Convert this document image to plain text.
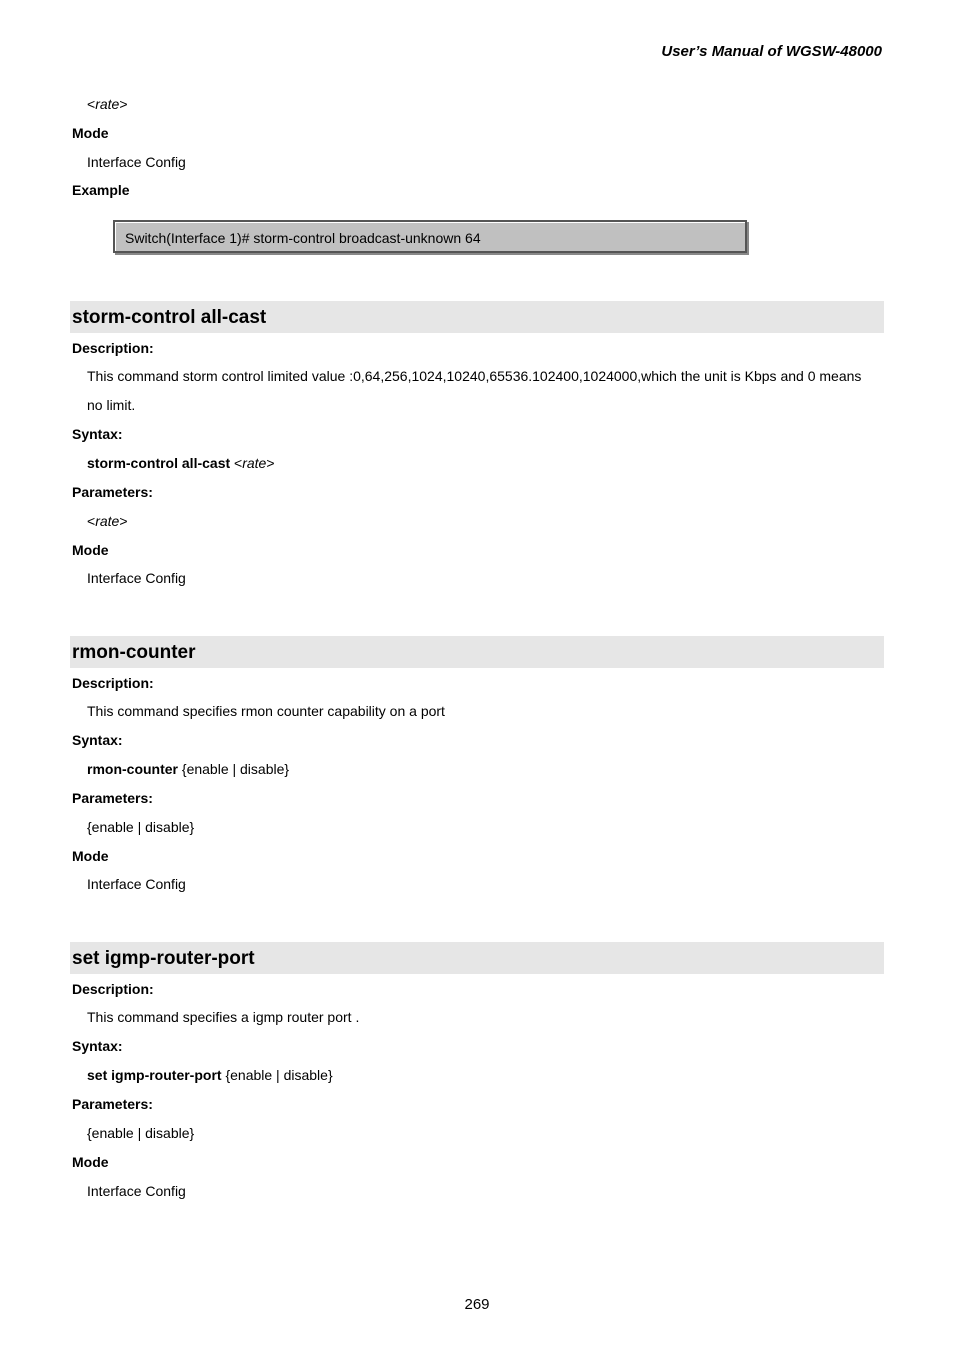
User’s Manual of WGSW-48000
<rate>
Mode
Interface Config
Example
Switch(Interface 1)# storm-control broadcast-unknown 64
storm-control all-cast
Description:
This command storm control limited value :0,64,256,1024,10240,65536.102400,1024000,which the unit is Kbps and 0 means
no limit.
Syntax:
storm-control all-cast <rate>
Parameters:
<rate>
Mode
Interface Config
rmon-counter
Description:
This command specifies rmon counter capability on a port
Syntax:
rmon-counter {enable | disable}
Parameters:
{enable | disable}
Mode
Interface Config
set igmp-router-port
Description:
This command specifies a igmp router port .
Syntax:
set igmp-router-port {enable | disable}
Parameters:
{enable | disable}
Mode
Interface Config
269
